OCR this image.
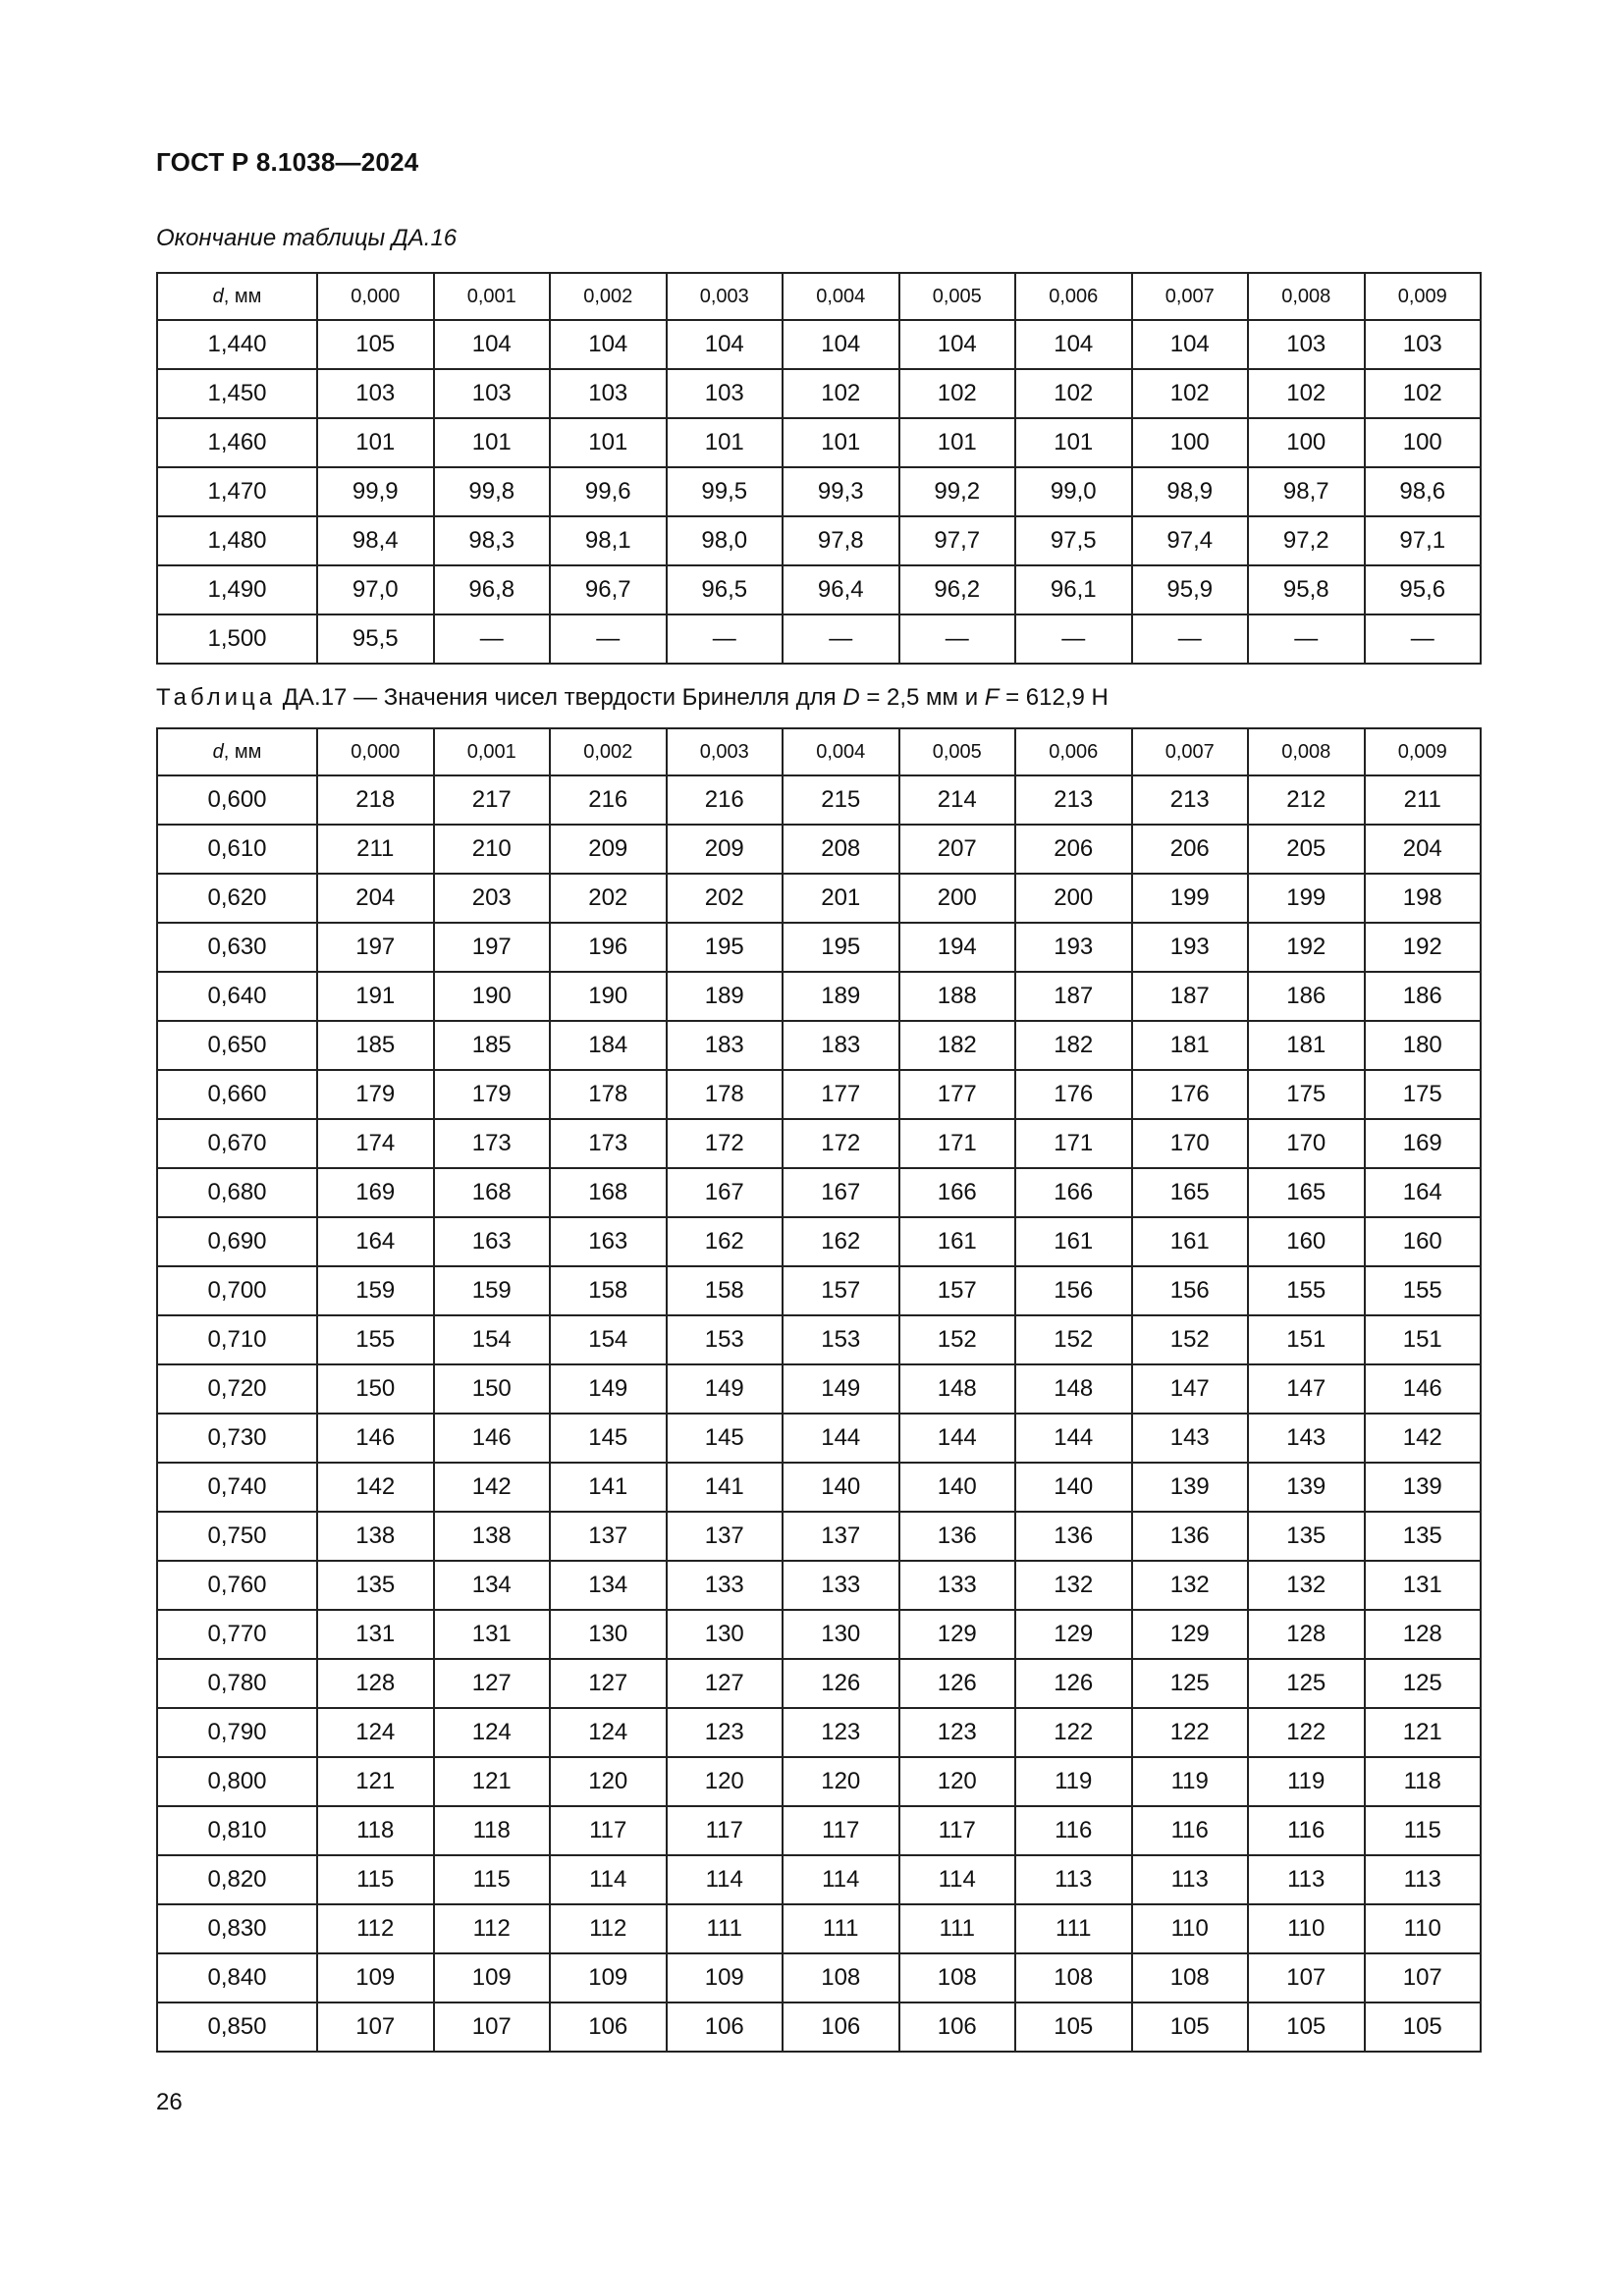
ГОСТ Р 8.1038—2024
Окончание таблицы ДА.16
d, мм	0,000	0,001	0,002	0,003	0,004	0,005	0,006	0,007	0,008	0,009
1,440	105	104	104	104	104	104	104	104	103	103
1,450	103	103	103	103	102	102	102	102	102	102
1,460	101	101	101	101	101	101	101	100	100	100
1,470	99,9	99,8	99,6	99,5	99,3	99,2	99,0	98,9	98,7	98,6
1,480	98,4	98,3	98,1	98,0	97,8	97,7	97,5	97,4	97,2	97,1
1,490	97,0	96,8	96,7	96,5	96,4	96,2	96,1	95,9	95,8	95,6
1,500	95,5	—	—	—	—	—	—	—	—	—
Таблица ДА.17 — Значения чисел твердости Бринелля для D = 2,5 мм и F = 612,9 Н
d, мм	0,000	0,001	0,002	0,003	0,004	0,005	0,006	0,007	0,008	0,009
0,600	218	217	216	216	215	214	213	213	212	211
0,610	211	210	209	209	208	207	206	206	205	204
0,620	204	203	202	202	201	200	200	199	199	198
0,630	197	197	196	195	195	194	193	193	192	192
0,640	191	190	190	189	189	188	187	187	186	186
0,650	185	185	184	183	183	182	182	181	181	180
0,660	179	179	178	178	177	177	176	176	175	175
0,670	174	173	173	172	172	171	171	170	170	169
0,680	169	168	168	167	167	166	166	165	165	164
0,690	164	163	163	162	162	161	161	161	160	160
0,700	159	159	158	158	157	157	156	156	155	155
0,710	155	154	154	153	153	152	152	152	151	151
0,720	150	150	149	149	149	148	148	147	147	146
0,730	146	146	145	145	144	144	144	143	143	142
0,740	142	142	141	141	140	140	140	139	139	139
0,750	138	138	137	137	137	136	136	136	135	135
0,760	135	134	134	133	133	133	132	132	132	131
0,770	131	131	130	130	130	129	129	129	128	128
0,780	128	127	127	127	126	126	126	125	125	125
0,790	124	124	124	123	123	123	122	122	122	121
0,800	121	121	120	120	120	120	119	119	119	118
0,810	118	118	117	117	117	117	116	116	116	115
0,820	115	115	114	114	114	114	113	113	113	113
0,830	112	112	112	111	111	111	111	110	110	110
0,840	109	109	109	109	108	108	108	108	107	107
0,850	107	107	106	106	106	106	105	105	105	105
26
